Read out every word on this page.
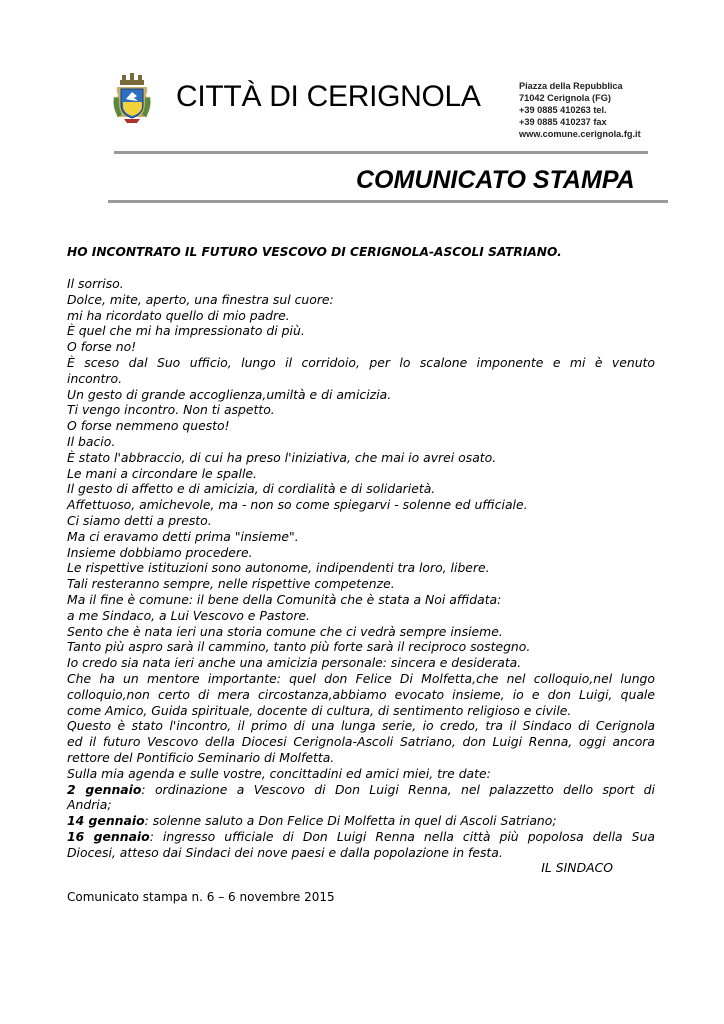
CITTÀ DI CERIGNOLA	Piazza della Repubblica
71042 Cerignola (FG)
+39 0885 410263 tel.
+39 0885 410237 fax
www.comune.cerignola.fg.it
COMUNICATO STAMPA
HO INCONTRATO IL FUTURO VESCOVO DI CERIGNOLA-ASCOLI SATRIANO.
Il sorriso.
Dolce, mite, aperto, una finestra sul cuore:
mi ha ricordato quello di mio padre.
È quel che mi ha impressionato di più.
O forse no!
È sceso dal Suo ufficio, lungo il corridoio, per lo scalone imponente e mi è venuto
incontro.
Un gesto di grande accoglienza,umiltà e di amicizia.
Ti vengo incontro. Non ti aspetto.
O forse nemmeno questo!
Il bacio.
È stato l'abbraccio, di cui ha preso l'iniziativa, che mai io avrei osato.
Le mani a circondare le spalle.
Il gesto di affetto e di amicizia, di cordialità e di solidarietà.
Affettuoso, amichevole, ma - non so come spiegarvi - solenne ed ufficiale.
Ci siamo detti a presto.
Ma ci eravamo detti prima "insieme".
Insieme dobbiamo procedere.
Le rispettive istituzioni sono autonome, indipendenti tra loro, libere.
Tali resteranno sempre, nelle rispettive competenze.
Ma il fine è comune: il bene della Comunità che è stata a Noi affidata:
a me Sindaco, a Lui Vescovo e Pastore.
Sento che è nata ieri una storia comune che ci vedrà sempre insieme.
Tanto più aspro sarà il cammino, tanto più forte sarà il reciproco sostegno.
Io credo sia nata ieri anche una amicizia personale: sincera e desiderata.
Che ha un mentore importante: quel don Felice Di Molfetta,che nel colloquio,nel lungo
colloquio,non certo di mera circostanza,abbiamo evocato insieme, io e don Luigi, quale
come Amico, Guida spirituale, docente di cultura, di sentimento religioso e civile.
Questo è stato l'incontro, il primo di una lunga serie, io credo, tra il Sindaco di Cerignola
ed il futuro Vescovo della Diocesi Cerignola-Ascoli Satriano, don Luigi Renna, oggi ancora
rettore del Pontificio Seminario di Molfetta.
Sulla mia agenda e sulle vostre, concittadini ed amici miei, tre date:
2 gennaio: ordinazione a Vescovo di Don Luigi Renna, nel palazzetto dello sport di
Andria;
14 gennaio: solenne saluto a Don Felice Di Molfetta in quel di Ascoli Satriano;
16 gennaio: ingresso ufficiale di Don Luigi Renna nella città più popolosa della Sua
Diocesi, atteso dai Sindaci dei nove paesi e dalla popolazione in festa.
IL SINDACO
Comunicato stampa n. 6 – 6 novembre 2015
